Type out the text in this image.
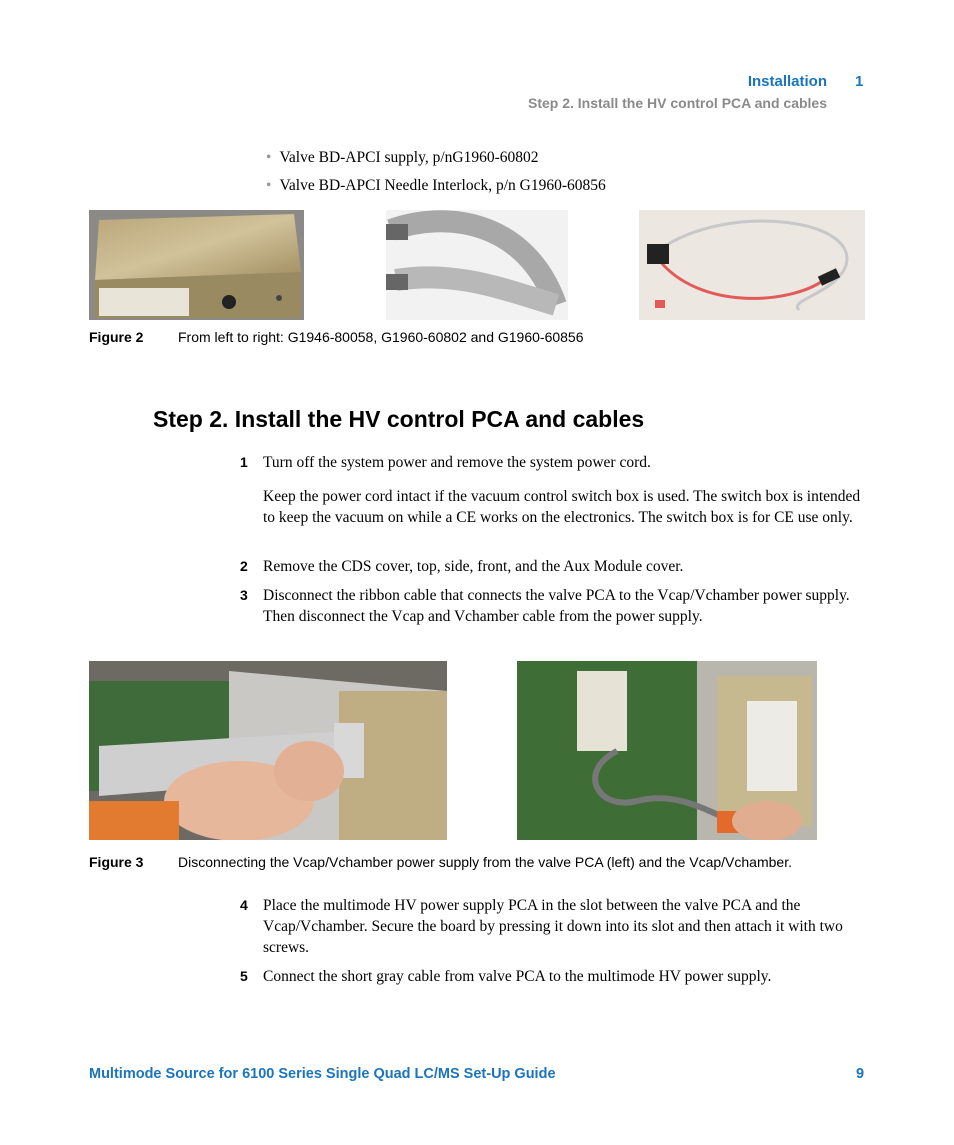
Installation 1
Step 2. Install the HV control PCA and cables
• Valve BD-APCI supply, p/nG1960-60802
• Valve BD-APCI Needle Interlock, p/n G1960-60856
Figure 2 From left to right: G1946-80058, G1960-60802 and G1960-60856
Step 2. Install the HV control PCA and cables
1 Turn off the system power and remove the system power cord.

Keep the power cord intact if the vacuum control switch box is used. The switch box is intended to keep the vacuum on while a CE works on the electronics. The switch box is for CE use only.

2 Remove the CDS cover, top, side, front, and the Aux Module cover.

3 Disconnect the ribbon cable that connects the valve PCA to the Vcap/Vchamber power supply. Then disconnect the Vcap and Vchamber cable from the power supply.

Figure 3 Disconnecting the Vcap/Vchamber power supply from the valve PCA (left) and the Vcap/Vchamber.
4 Place the multimode HV power supply PCA in the slot between the valve PCA and the Vcap/Vchamber. Secure the board by pressing it down into its slot and then attach it with two screws.

5 Connect the short gray cable from valve PCA to the multimode HV power supply.

Multimode Source for 6100 Series Single Quad LC/MS Set-Up Guide	9
